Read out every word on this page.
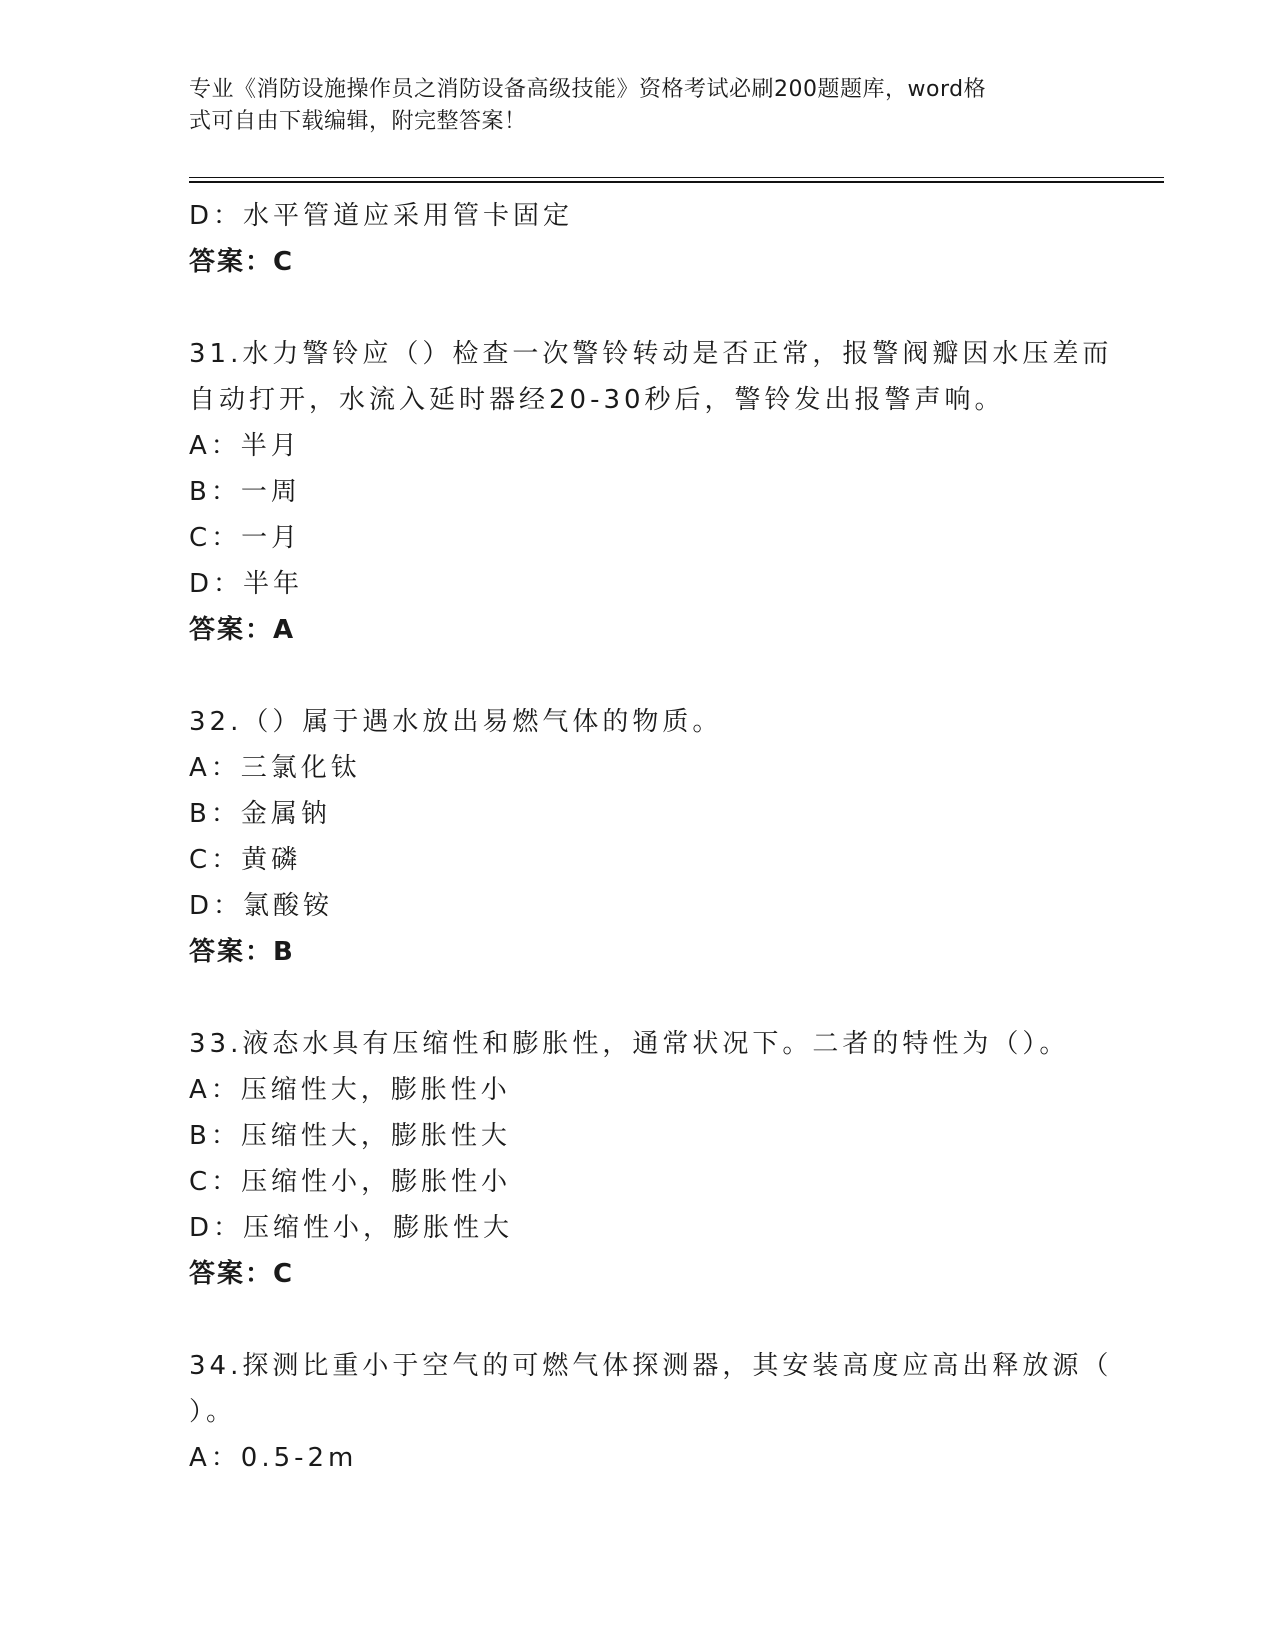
专业《消防设施操作员之消防设备高级技能》资格考试必刷200题题库，word格
式可自由下载编辑，附完整答案！
D：水平管道应采用管卡固定
答案：C
31.水力警铃应（）检查一次警铃转动是否正常，报警阀瓣因水压差而
自动打开，水流入延时器经20-30秒后，警铃发出报警声响。
A：半月
B：一周
C：一月
D：半年
答案：A
32.（）属于遇水放出易燃气体的物质。
A：三氯化钛
B：金属钠
C：黄磷
D：氯酸铵
答案：B
33.液态水具有压缩性和膨胀性，通常状况下。二者的特性为（）。
A：压缩性大，膨胀性小
B：压缩性大，膨胀性大
C：压缩性小，膨胀性小
D：压缩性小，膨胀性大
答案：C
34.探测比重小于空气的可燃气体探测器，其安装高度应高出释放源（
）。
A：0.5-2m
